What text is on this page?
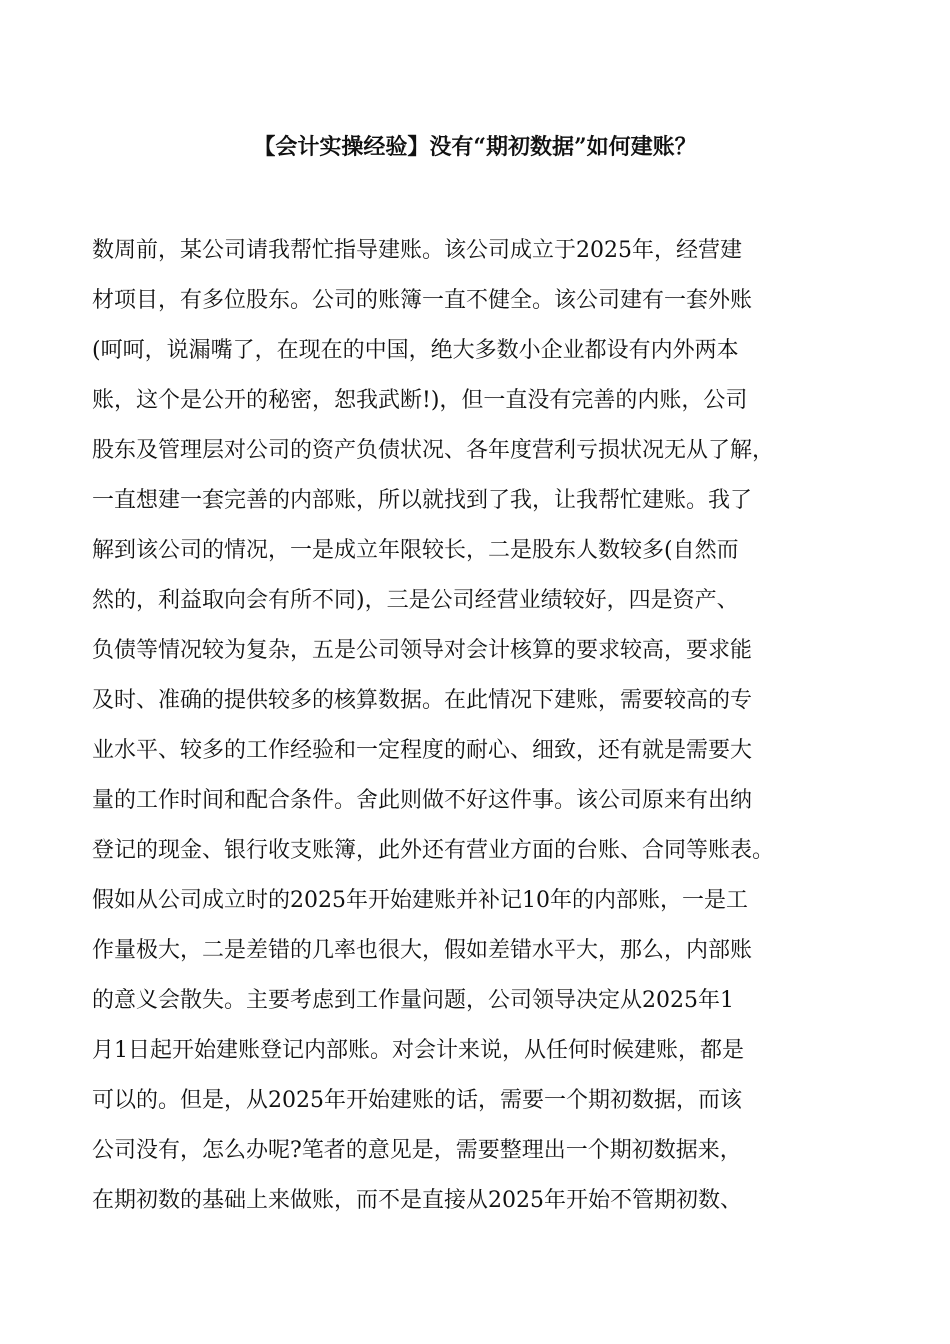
【会计实操经验】没有“期初数据”如何建账？
数周前，某公司请我帮忙指导建账。该公司成立于2025年，经营建
材项目，有多位股东。公司的账簿一直不健全。该公司建有一套外账
(呵呵，说漏嘴了，在现在的中国，绝大多数小企业都设有内外两本
账，这个是公开的秘密，恕我武断!)，但一直没有完善的内账，公司
股东及管理层对公司的资产负债状况、各年度营利亏损状况无从了解，
一直想建一套完善的内部账，所以就找到了我，让我帮忙建账。我了
解到该公司的情况，一是成立年限较长，二是股东人数较多(自然而
然的，利益取向会有所不同)，三是公司经营业绩较好，四是资产、
负债等情况较为复杂，五是公司领导对会计核算的要求较高，要求能
及时、准确的提供较多的核算数据。在此情况下建账，需要较高的专
业水平、较多的工作经验和一定程度的耐心、细致，还有就是需要大
量的工作时间和配合条件。舍此则做不好这件事。该公司原来有出纳
登记的现金、银行收支账簿，此外还有营业方面的台账、合同等账表。
假如从公司成立时的2025年开始建账并补记10年的内部账，一是工
作量极大，二是差错的几率也很大，假如差错水平大，那么，内部账
的意义会散失。主要考虑到工作量问题，公司领导决定从2025年1
月1日起开始建账登记内部账。对会计来说，从任何时候建账，都是
可以的。但是，从2025年开始建账的话，需要一个期初数据，而该
公司没有，怎么办呢?笔者的意见是，需要整理出一个期初数据来，
在期初数的基础上来做账，而不是直接从2025年开始不管期初数、
